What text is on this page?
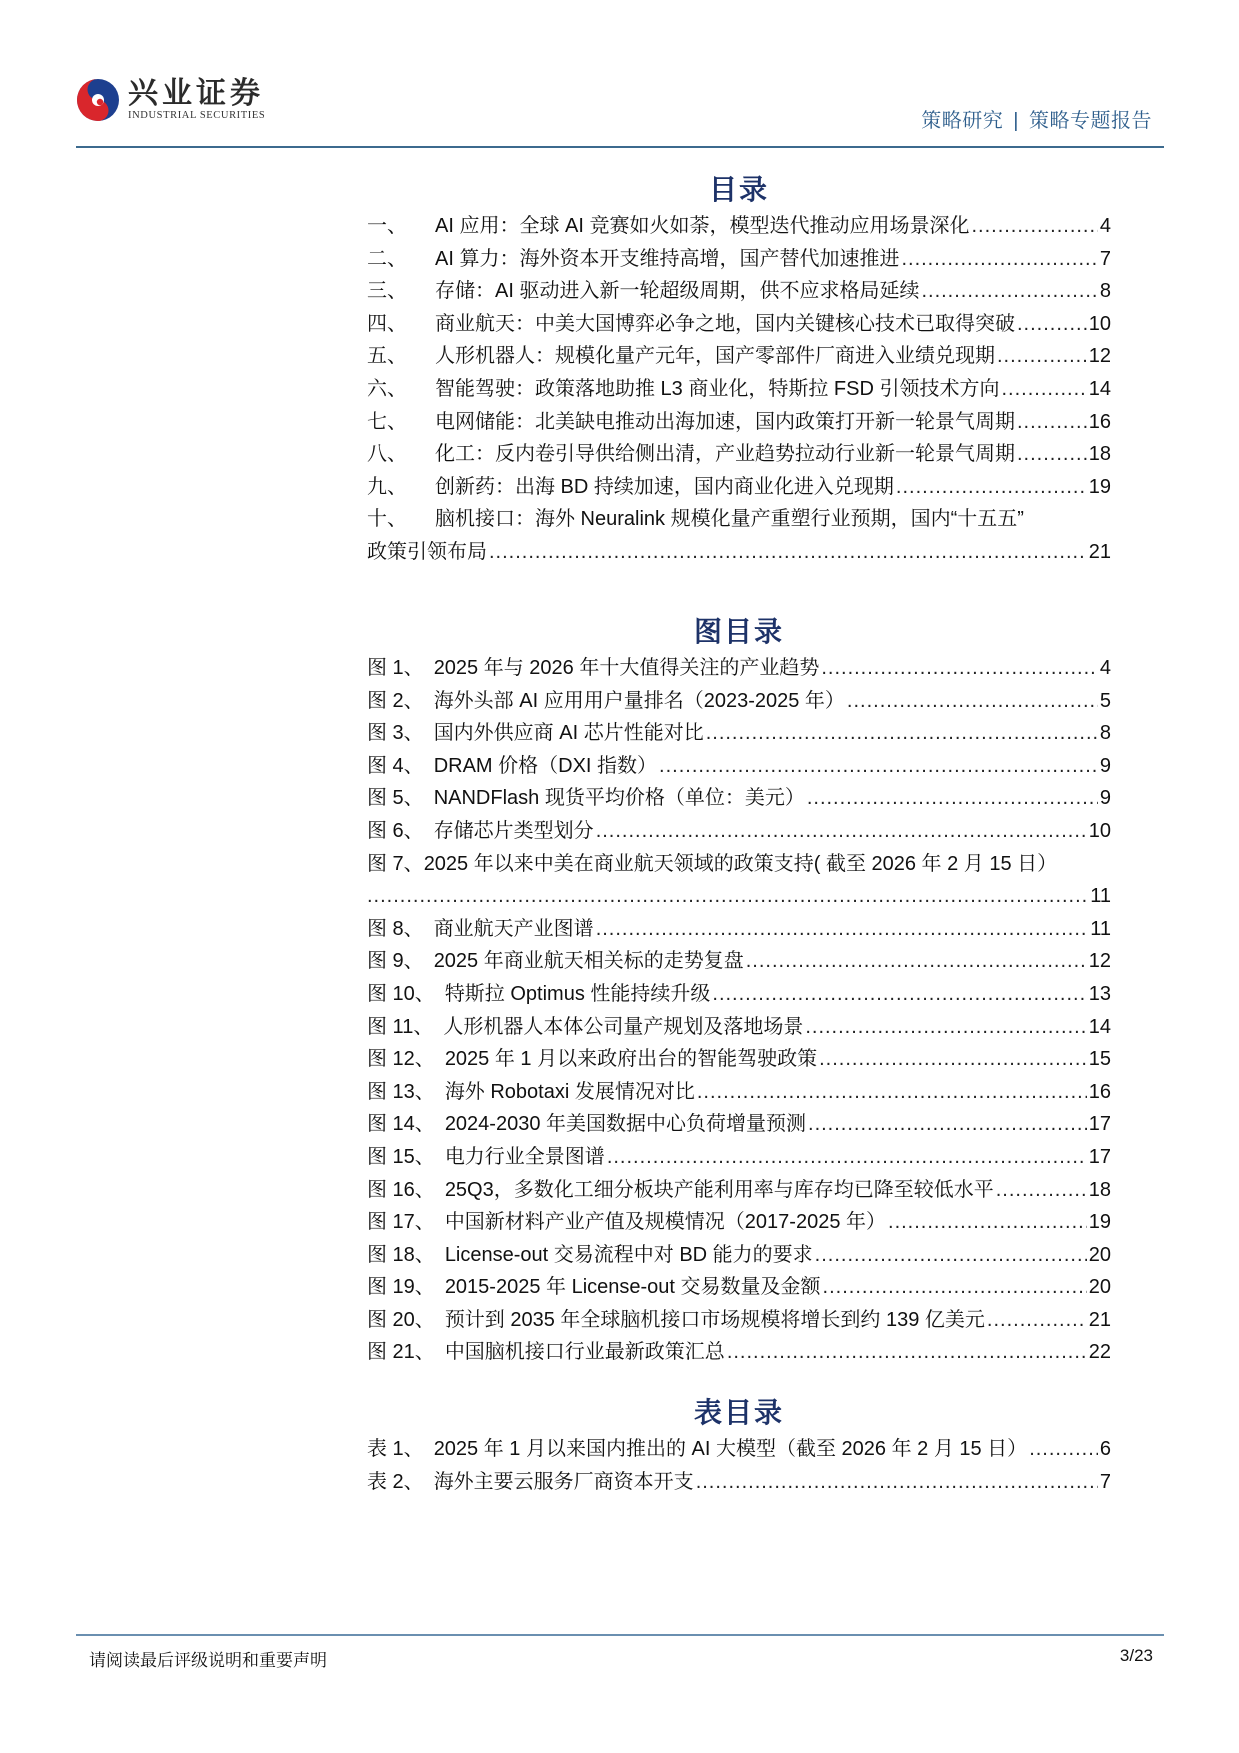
兴业证券
INDUSTRIAL SECURITIES	策略研究 | 策略专题报告
目录
一、	AI 应用：全球 AI 竞赛如火如荼，模型迭代推动应用场景深化 .....	4
二、	AI 算力：海外资本开支维持高增，国产替代加速推进 .....	7
三、	存储：AI 驱动进入新一轮超级周期，供不应求格局延续 .....	8
四、	商业航天：中美大国博弈必争之地，国内关键核心技术已取得突破 .....	10
五、	人形机器人：规模化量产元年，国产零部件厂商进入业绩兑现期 .....	12
六、	智能驾驶：政策落地助推 L3 商业化，特斯拉 FSD 引领技术方向 .....	14
七、	电网储能：北美缺电推动出海加速，国内政策打开新一轮景气周期 .....	16
八、	化工：反内卷引导供给侧出清，产业趋势拉动行业新一轮景气周期 .....	18
九、	创新药：出海 BD 持续加速，国内商业化进入兑现期 .....	19
十、	脑机接口：海外 Neuralink 规模化量产重塑行业预期，国内“十五五”
政策引领布局 .....	21
图目录
图 1、 2025 年与 2026 年十大值得关注的产业趋势 .....	4
图 2、 海外头部 AI 应用用户量排名（2023-2025 年） .....	5
图 3、 国内外供应商 AI 芯片性能对比 .....	8
图 4、 DRAM 价格（DXI 指数） .....	9
图 5、 NANDFlash 现货平均价格（单位：美元） .....	9
图 6、 存储芯片类型划分 .....	10
图 7、 2025 年以来中美在商业航天领域的政策支持( 截至 2026 年 2 月 15 日）
.....
11
图 8、 商业航天产业图谱 .....	11
图 9、 2025 年商业航天相关标的走势复盘 .....	12
图 10、 特斯拉 Optimus 性能持续升级 .....	13
图 11、 人形机器人本体公司量产规划及落地场景 .....	14
图 12、 2025 年 1 月以来政府出台的智能驾驶政策 .....	15
图 13、 海外 Robotaxi 发展情况对比 .....	16
图 14、 2024-2030 年美国数据中心负荷增量预测 .....	17
图 15、 电力行业全景图谱 .....	17
图 16、 25Q3，多数化工细分板块产能利用率与库存均已降至较低水平 .....	18
图 17、 中国新材料产业产值及规模情况（2017-2025 年） .....	19
图 18、 License-out 交易流程中对 BD 能力的要求 .....	20
图 19、 2015-2025 年 License-out 交易数量及金额 .....	20
图 20、 预计到 2035 年全球脑机接口市场规模将增长到约 139 亿美元 .....	21
图 21、 中国脑机接口行业最新政策汇总 .....	22
表目录
表 1、 2025 年 1 月以来国内推出的 AI 大模型（截至 2026 年 2 月 15 日） .....	6
表 2、 海外主要云服务厂商资本开支 .....	7
请阅读最后评级说明和重要声明	3/23
